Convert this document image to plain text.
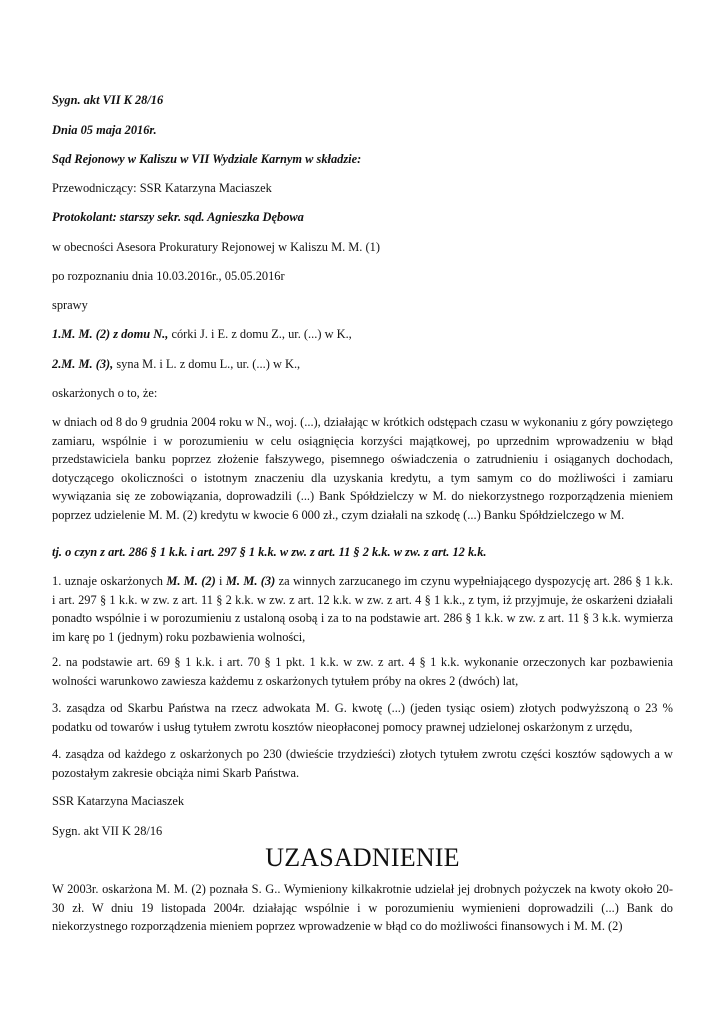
Sygn. akt VII K 28/16

Dnia 05 maja 2016r.

Sąd Rejonowy w Kaliszu w VII Wydziale Karnym w składzie:

Przewodniczący: SSR Katarzyna Maciaszek

Protokolant: starszy sekr. sąd. Agnieszka Dębowa

w obecności Asesora Prokuratury Rejonowej w Kaliszu M. M. (1)

po rozpoznaniu dnia 10.03.2016r., 05.05.2016r

sprawy

1.M. M. (2) z domu N., córki J. i E. z domu Z., ur. (...) w K.,

2.M. M. (3), syna M. i L. z domu L., ur. (...) w K.,

oskarżonych o to, że:

w dniach od 8 do 9 grudnia 2004 roku w N., woj. (...), działając w krótkich odstępach czasu w wykonaniu z góry powziętego zamiaru, wspólnie i w porozumieniu w celu osiągnięcia korzyści majątkowej, po uprzednim wprowadzeniu w błąd przedstawiciela banku poprzez złożenie fałszywego, pisemnego oświadczenia o zatrudnieniu i osiąganych dochodach, dotyczącego okoliczności o istotnym znaczeniu dla uzyskania kredytu, a tym samym co do możliwości i zamiaru wywiązania się ze zobowiązania, doprowadzili (...) Bank Spółdzielczy w M. do niekorzystnego rozporządzenia mieniem poprzez udzielenie M. M. (2) kredytu w kwocie 6 000 zł., czym działali na szkodę (...) Banku Spółdzielczego w M.

tj. o czyn z art. 286 § 1 k.k. i art. 297 § 1 k.k. w zw. z art. 11 § 2 k.k. w zw. z art. 12 k.k.

1. uznaje oskarżonych M. M. (2) i M. M. (3) za winnych zarzucanego im czynu wypełniającego dyspozycję art. 286 § 1 k.k. i art. 297 § 1 k.k. w zw. z art. 11 § 2 k.k. w zw. z art. 12 k.k. w zw. z art. 4 § 1 k.k., z tym, iż przyjmuje, że oskarżeni działali ponadto wspólnie i w porozumieniu z ustaloną osobą i za to na podstawie art. 286 § 1 k.k. w zw. z art. 11 § 3 k.k. wymierza im karę po 1 (jednym) roku pozbawienia wolności,

2. na podstawie art. 69 § 1 k.k. i art. 70 § 1 pkt. 1 k.k. w zw. z art. 4 § 1 k.k. wykonanie orzeczonych kar pozbawienia wolności warunkowo zawiesza każdemu z oskarżonych tytułem próby na okres 2 (dwóch) lat,

3. zasądza od Skarbu Państwa na rzecz adwokata M. G. kwotę (...) (jeden tysiąc osiem) złotych podwyższoną o 23 % podatku od towarów i usług tytułem zwrotu kosztów nieopłaconej pomocy prawnej udzielonej oskarżonym z urzędu,

4. zasądza od każdego z oskarżonych po 230 (dwieście trzydzieści) złotych tytułem zwrotu części kosztów sądowych a w pozostałym zakresie obciąża nimi Skarb Państwa.

SSR Katarzyna Maciaszek

Sygn. akt VII K 28/16

UZASADNIENIE

W 2003r. oskarżona M. M. (2) poznała S. G.. Wymieniony kilkakrotnie udzielał jej drobnych pożyczek na kwoty około 20-30 zł. W dniu 19 listopada 2004r. działając wspólnie i w porozumieniu wymienieni doprowadzili (...) Bank do niekorzystnego rozporządzenia mieniem poprzez wprowadzenie w błąd co do możliwości finansowych i M. M. (2)
